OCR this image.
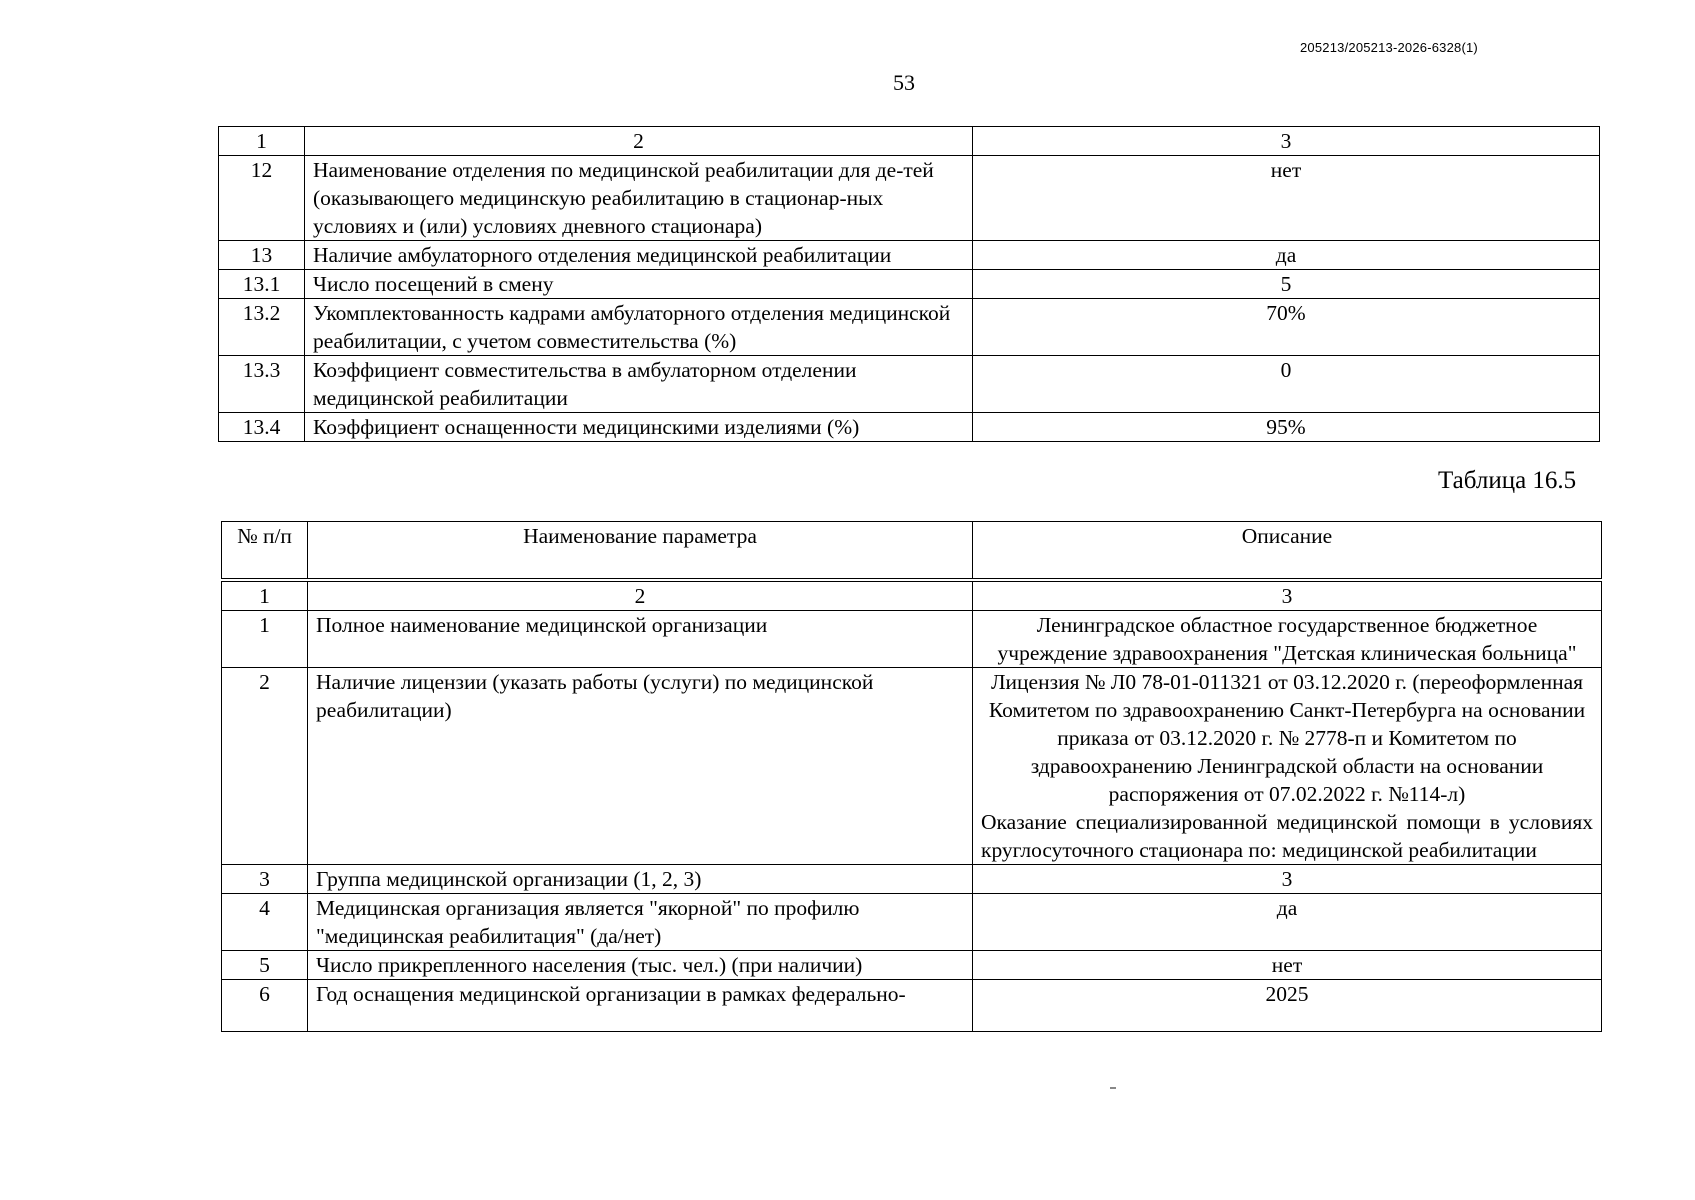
205213/205213-2026-6328(1)
53
1	2	3
12	Наименование отделения по медицинской реабилитации для де-тей (оказывающего медицинскую реабилитацию в стационар-ных условиях и (или) условиях дневного стационара)	нет
13	Наличие амбулаторного отделения медицинской реабилитации	да
13.1	Число посещений в смену	5
13.2	Укомплектованность кадрами амбулаторного отделения медицинской реабилитации, с учетом совместительства (%)	70%
13.3	Коэффициент совместительства в амбулаторном отделении медицинской реабилитации	0
13.4	Коэффициент оснащенности медицинскими изделиями (%)	95%
Таблица 16.5
№ п/п	Наименование параметра	Описание
1	2	3
1	Полное наименование медицинской организации	Ленинградское областное государственное бюджетное учреждение здравоохранения "Детская клиническая больница"
2	Наличие лицензии (указать работы (услуги) по медицинской реабилитации)	Лицензия № Л0 78-01-011321 от 03.12.2020 г. (переоформленная Комитетом по здравоохранению Санкт-Петербурга на основании приказа от 03.12.2020 г. № 2778-п и Комитетом по здравоохранению Ленинградской области на основании распоряжения от 07.02.2022 г. №114-л)
Оказание специализированной медицинской помощи в условиях круглосуточного стационара по: медицинской реабилитации

3	Группа медицинской организации (1, 2, 3)	3
4	Медицинская организация является "якорной" по профилю "медицинская реабилитация" (да/нет)	да
5	Число прикрепленного населения (тыс. чел.) (при наличии)	нет
6	Год оснащения медицинской организации в рамках федерально-	2025
